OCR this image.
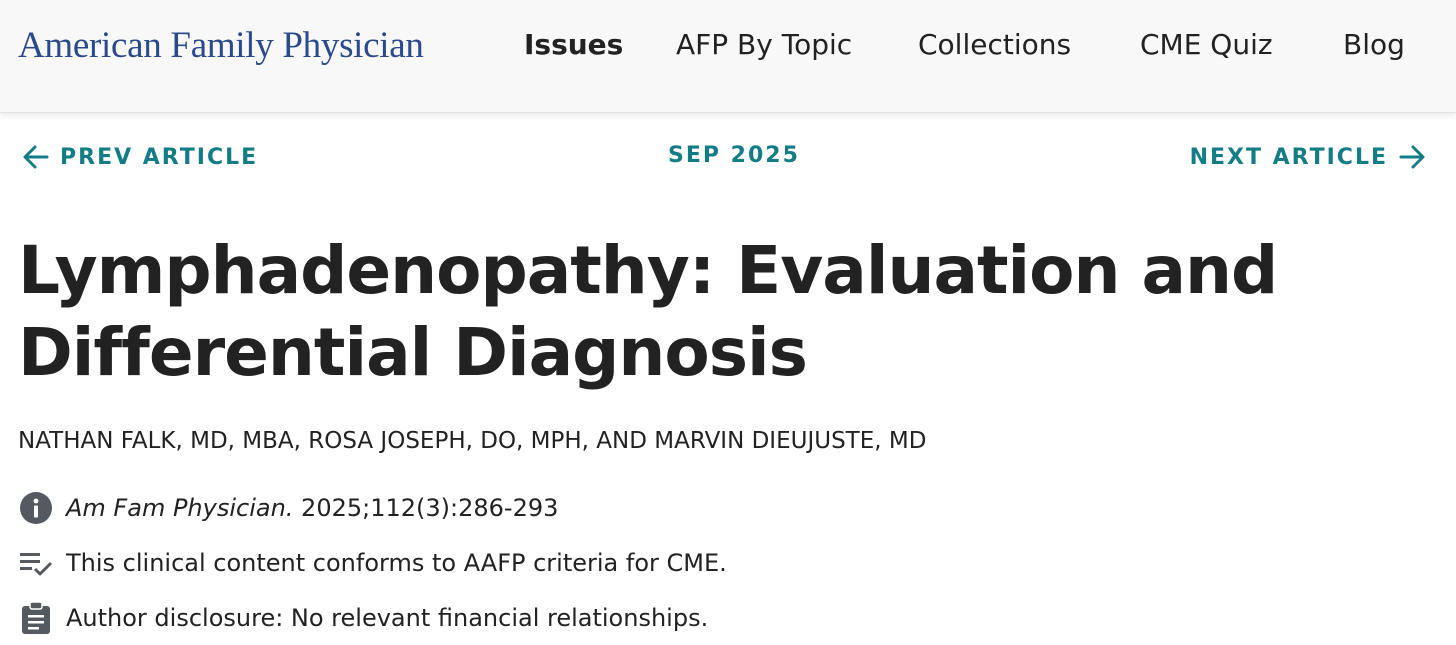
American Family Physician	Issues AFP By Topic Collections CME Quiz	Blog
PREV ARTICLE	SEP 2025	NEXT ARTICLE
Lymphadenopathy: Evaluation and Differential Diagnosis
NATHAN FALK, MD, MBA, ROSA JOSEPH, DO, MPH, AND MARVIN DIEUJUSTE, MD
Am Fam Physician. 2025;112(3):286-293
This clinical content conforms to AAFP criteria for CME.
Author disclosure: No relevant financial relationships.
